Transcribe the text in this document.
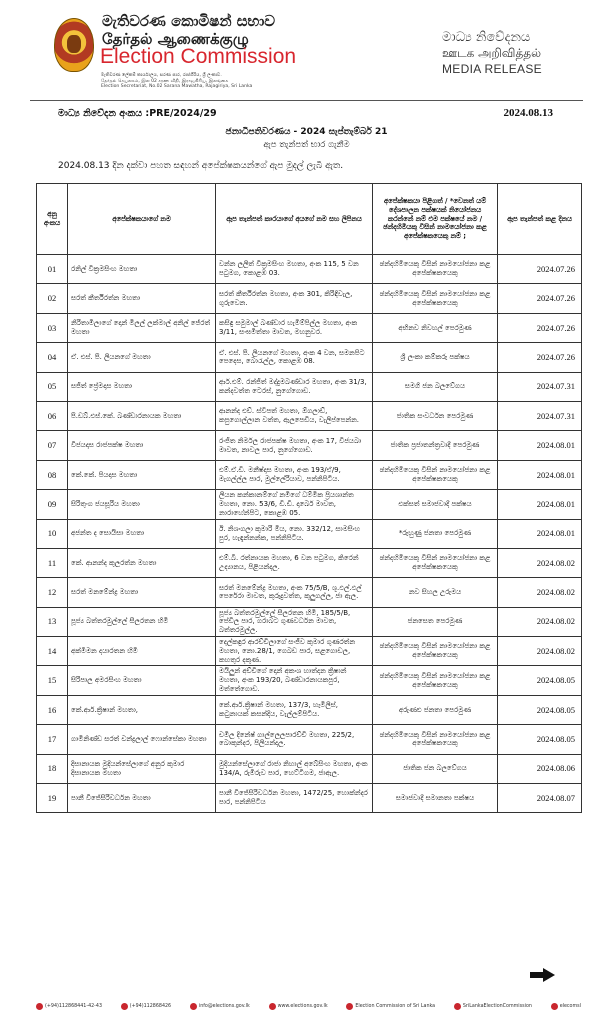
මැතිවරණ කොමිෂන් සභාව
தேர்தல் ஆணைக்குழு
Election Commission
මැතිවරණ ලේකම් කාර්යාලය, සරණ පාර, රාජගිරිය, ශ්‍රී ලංකාව.
தேர்தல் செயலகம், இல 02 சரண வீதி, இராஜகிரிய, இலங்கை
Election Secretariat, No.02 Sarana Mawatha, Rajagiriya, Sri Lanka
මාධ්‍ය නිවේදනය
ஊடக அறிவித்தல்
MEDIA RELEASE
මාධ්‍ය නිවේදන අංකය :PRE/2024/29	2024.08.13
ජනාධිපතිවරණය - 2024 සැප්තැම්බර් 21
ඇප තැන්පත් භාර ගැනීම
2024.08.13 දින දක්වා පහත සඳහන් අපේක්ෂකයන්ගේ ඇප මුදල් ලැබී ඇත.
අනු අංකය	අපේක්ෂකයාගේ නම	ඇප තැන්පත් කාරයාගේ අයගේ නම සහ ලිපිනය	අපේක්ෂකයා පිළිගත් / *වෙනත් යම් දේශපාලන පක්ෂයක් නියෝජනය කරන්නේ නම් එම පක්ෂයේ නම / ඡන්දහිමියකු විසින් නාමයෝජනා කළ අපේක්ෂකයෙකු නම් ;	ඇප තැන්පත් කළ දිනය
01	රනිල් වික්‍රමසිංහ මහතා	වන්න ලලිත් වික්‍රමසිංහ මහතා, අංක 115, 5 වන පටුමග, කොළඹ 03.	ඡන්දහිමියෙකු විසින් නාමයෝජනා කළ අපේක්ෂකයෙකු	2024.07.26
02	සරත් කීර්තිරත්න මහතා	සරත් කීර්තිරත්න මහතා, අංක 301, කිරිඳිවැල, ගුරුවෙන.	ඡන්දහිමියෙකු විසින් නාමයෝජනා කළ අපේක්ෂකයෙකු	2024.07.26
03	නිරිතාමිලාගේ දොන් මිලල් ලක්මාල් අනිල් ජේරත් මහතා	කසිඳු සමුමාල් බණ්ඩාර හැමිම්පිල්ල මහතා, අංක 3/11, සංඝමිත්තා මාවත, මහනුවර.	අභිනව නිවහල් පෙරමුණ	2024.07.26
04	ඒ. එස්. පී. ලියනගේ මහතා	ඒ. එස්. පී. ලියනගේ මහතා, අංක 4 වන, සමනපිට පෙදෙස, බොරැල්ල, කොළඹ 08.	ශ්‍රී ලංකා කම්කරු පක්ෂය	2024.07.26
05	සජිත් ප්‍රේමදාස මහතා	ආර්.එම්. රන්ජිත් මද්දුමබණ්ඩාර මහතා, අංක 31/3, කන්දවත්ත ටෙරස්, නුගේගොඩ.	සමගි ජන බලවේගය	2024.07.31
06	පී.ඩබ්.එස්.කේ. බණ්ඩාරනායක මහතා	ආනන්ද එච්. ස්වීපත් මහතා, ඕගලාඩ්, කපුගොල්ලාන වත්ත, ඇලපෙඩිය, වැලිප්පෙන්න.	ජාතික සංවර්ධන පෙරමුණ	2024.07.31
07	විජයදාස රාජපක්ෂ මහතා	රංජිත නිර්මල රාජපක්ෂ මහතා, අංක 17, විජයබා මාවත, නාවල පාර, නුගේගොඩ.	ජාතික ප්‍රජාතන්ත්‍රවාදී පෙරමුණ	2024.08.01
08	කේ.කේ. පියදාස මහතා	එම්.ඒ.ඩී. මනීෂ්දාස මහතා, අංක 193/ඒ/9, මැගල්ල්ල පාර, මුල්ලේරියාව, පන්නිපිටිය.	ඡන්දහිමියෙකු විසින් නාමයෝජනා කළ අපේක්ෂකයෙකු	2024.08.01
09	සිරිතුංග ජයසූරිය මහතා	ලියන කන්කානම්ගේ නමිගේ ධම්මික ප්‍රියශාන්ත මහතා, නො. 53/6, ඩී.ඩී. දාබෙර් මාවත, නාරාහේන්පිට, කොළඹ 05.	එක්සත් සමාජවාදී පක්ෂය	2024.08.01
10	අජන්ත ද සොයිසා මහතා	ඊ. නිශංගලා කුමාරි මිය, නො. 332/12, සාමසිංහ පුර, හැඳැන්නන්ක, පන්නිපිටිය.	*රුහුණු ජනතා පෙරමුණ	2024.08.01
11	කේ. ආනන්ද කුලරත්න මහතා	එම්.බී. රත්නායක මහතා, 6 වන පටුමග, කිරෙන් උද්‍යානය, පිළියන්දල.	ඡන්දහිමියෙකු විසින් නාමයෝජනා කළ අපේක්ෂකයෙකු	2024.08.02
12	සරත් මනමේන්ද්‍ර මහතා	සරත් මනමේන්ද්‍ර මහතා, අංක 75/5/B, ශූ.ඵල්.ඵල් පෙරේරා මාවත, කුරුදුවත්ත, කුලුගල්ල, ජා ඇල.	නව සිහල උරුමය	2024.08.02
13	පූජ්‍ය බත්තරමුල්ලේ සීලරතන හිමි	පූජ්‍ය බත්තරමුල්ලේ සීලරතන හිමි, 185/5/B, පේඩිල පාර, ගරාබට ගුණවර්ධන මාවත, බත්තරමුල්ල.	ජනසෙත පෙරමුණ	2024.08.02
14	අක්මීමන දයාරතන හිමි	දෙල්කඳුර ආරච්චිලාගේ සංජීව කුමාර ගුණරත්න මහතා, නො.28/1, ගෙබඩ පාර, සළගොඩල, කහතුර දකුණ.	ඡන්දහිමියෙකු විසින් නාමයෝජනා කළ අපේක්ෂකයෙකු	2024.08.02
15	සිරිපාල අමරසිංහ මහතා	මයිලුන් අච්චිගේ දොන් අකංශ හාත්දන ක්‍රිෂාන් මහතා, අංක 193/20, බණ්ඩාරනායකපුර, මත්තේගොඩ.	ඡන්දහිමියෙකු විසින් නාමයෝජනා කළ අපේක්ෂකයෙකු	2024.08.05
16	කේ.ආර්.ක්‍රිෂාන් මහතා,	කේ.ආර්.ක්‍රිෂාන් මහතා, 137/3, හැමිලිස්, කටුනායක් කසන්දිය, වැල්ලම්පිටිය.	අරුණළු ජනතා පෙරමුණ	2024.08.05
17	ගාමිනිණ්ඩ සරත් චන්ද්‍රලාල් ෆොන්සේකා මහතා	චමිල දිනේෂ් ගාල්ලෙලපාරච්චි මහතා, 225/2, බොකුන්දර, පිලියන්දල.	ඡන්දහිමියෙකු විසින් නාමයෝජනා කළ අපේක්ෂකයෙකු	2024.08.05
18	දිසානායක මුදියන්සේලාගේ අනුර කුමාර දිසානායක මහතා	මුදියන්සේලාගේ රාජා නිහාල් අබේසිංහ මහතා, අංක 134/A, රුමිරුව පාර, හෙට්ටිගම, ජාඇල.	ජාතික ජන බලවේගය	2024.08.06
19	පානී විජේසිරිවර්ධන මහතා	පානී විජේසිරිවර්ධන මහතා, 1472/25, හොක්න්දර පාර, පන්නිපිටිය	සමාජවාදී සමානතා පක්ෂය	2024.08.07
(+94)112868441-42-43	(+94)112868426	info@elections.gov.lk	www.elections.gov.lk	Election Commission of Sri Lanka	SriLankaElectionCommission	elecomsl
